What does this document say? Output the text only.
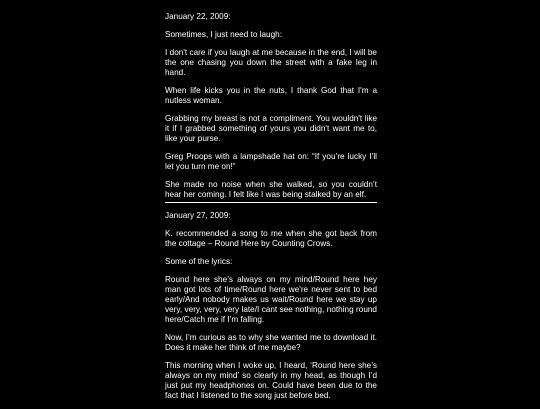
January 22, 2009:

Sometimes, I just need to laugh:

I don't care if you laugh at me because in the end, I will be the one chasing you down the street with a fake leg in hand.

When life kicks you in the nuts, I thank God that I'm a nutless woman.

Grabbing my breast is not a compliment. You wouldn't like it if I grabbed something of yours you didn't want me to, like your purse.

Greg Proops with a lampshade hat on: “If you’re lucky I’ll let you turn me on!”

She made no noise when she walked, so you couldn’t hear her coming. I felt like I was being stalked by an elf.

January 27, 2009:

K. recommended a song to me when she got back from the cottage – Round Here by Counting Crows.

Some of the lyrics:

Round here she’s always on my mind/Round here hey man got lots of time/Round here we're never sent to bed early/And nobody makes us wait/Round here we stay up very, very, very, very late/I cant see nothing, nothing round here/Catch me if I’m falling.

Now, I’m curious as to why she wanted me to download it. Does it make her think of me maybe?

This morning when I woke up, I heard, ‘Round here she’s always on my mind’ so clearly in my head, as though I’d just put my headphones on. Could have been due to the fact that I listened to the song just before bed.
